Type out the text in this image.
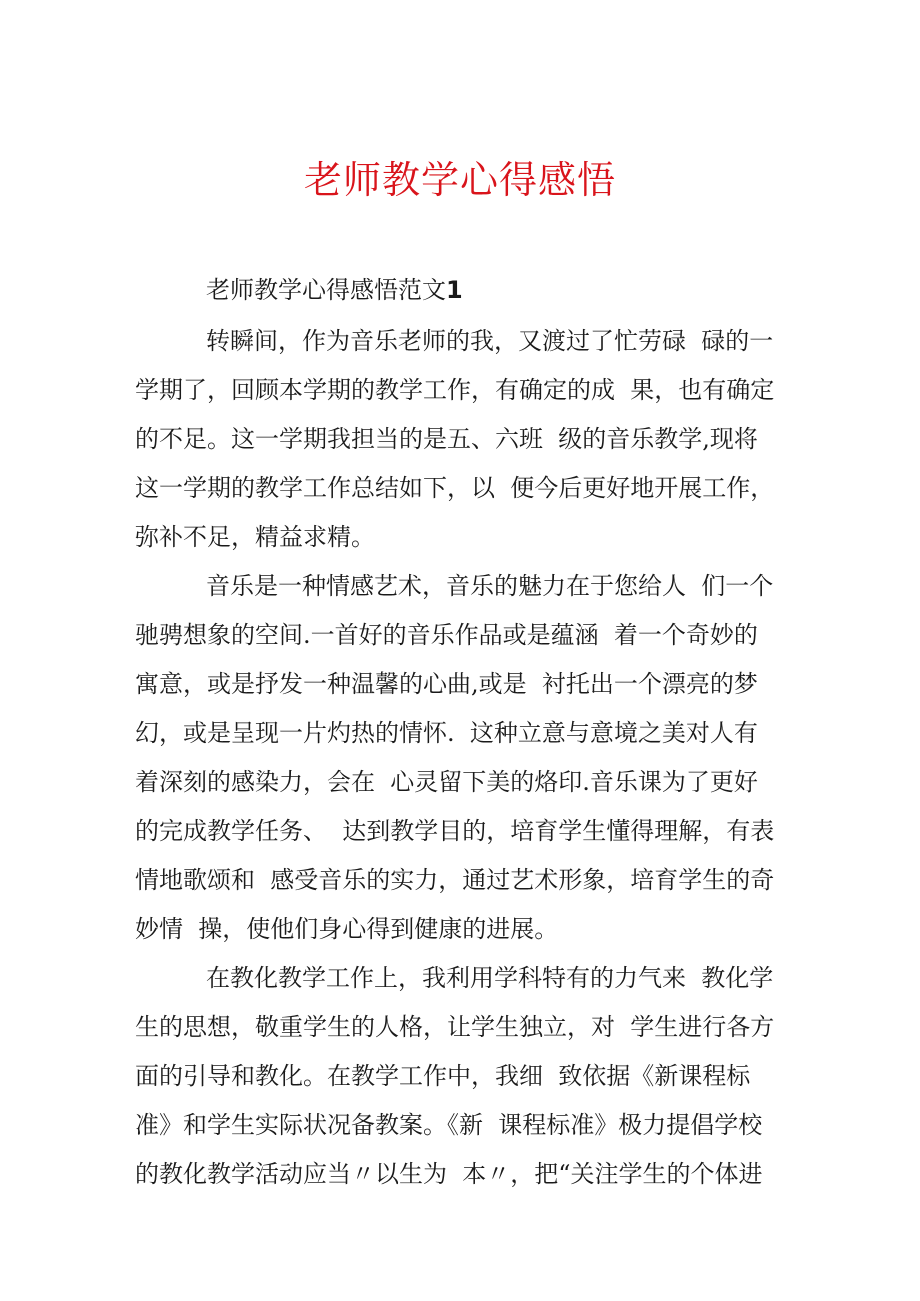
老师教学心得感悟

老师教学心得感悟范文1

转瞬间，作为音乐老师的我，又渡过了忙劳碌  碌的一

学期了，回顾本学期的教学工作，有确定的成  果，也有确定

的不足。这一学期我担当的是五、六班  级的音乐教学,现将

这一学期的教学工作总结如下，以  便今后更好地开展工作，

弥补不足，精益求精。

音乐是一种情感艺术，音乐的魅力在于您给人  们一个

驰骋想象的空间.一首好的音乐作品或是蕴涵  着一个奇妙的

寓意，或是抒发一种温馨的心曲,或是  衬托出一个漂亮的梦

幻，或是呈现一片灼热的情怀.  这种立意与意境之美对人有

着深刻的感染力，会在  心灵留下美的烙印.音乐课为了更好

的完成教学任务、  达到教学目的，培育学生懂得理解，有表

情地歌颂和  感受音乐的实力，通过艺术形象，培育学生的奇

妙情  操，使他们身心得到健康的进展。

在教化教学工作上，我利用学科特有的力气来  教化学

生的思想，敬重学生的人格，让学生独立，对  学生进行各方

面的引导和教化。在教学工作中，我细  致依据《新课程标

准》和学生实际状况备教案。《新  课程标准》极力提倡学校

的教化教学活动应当〃以生为  本〃，把“关注学生的个体进
